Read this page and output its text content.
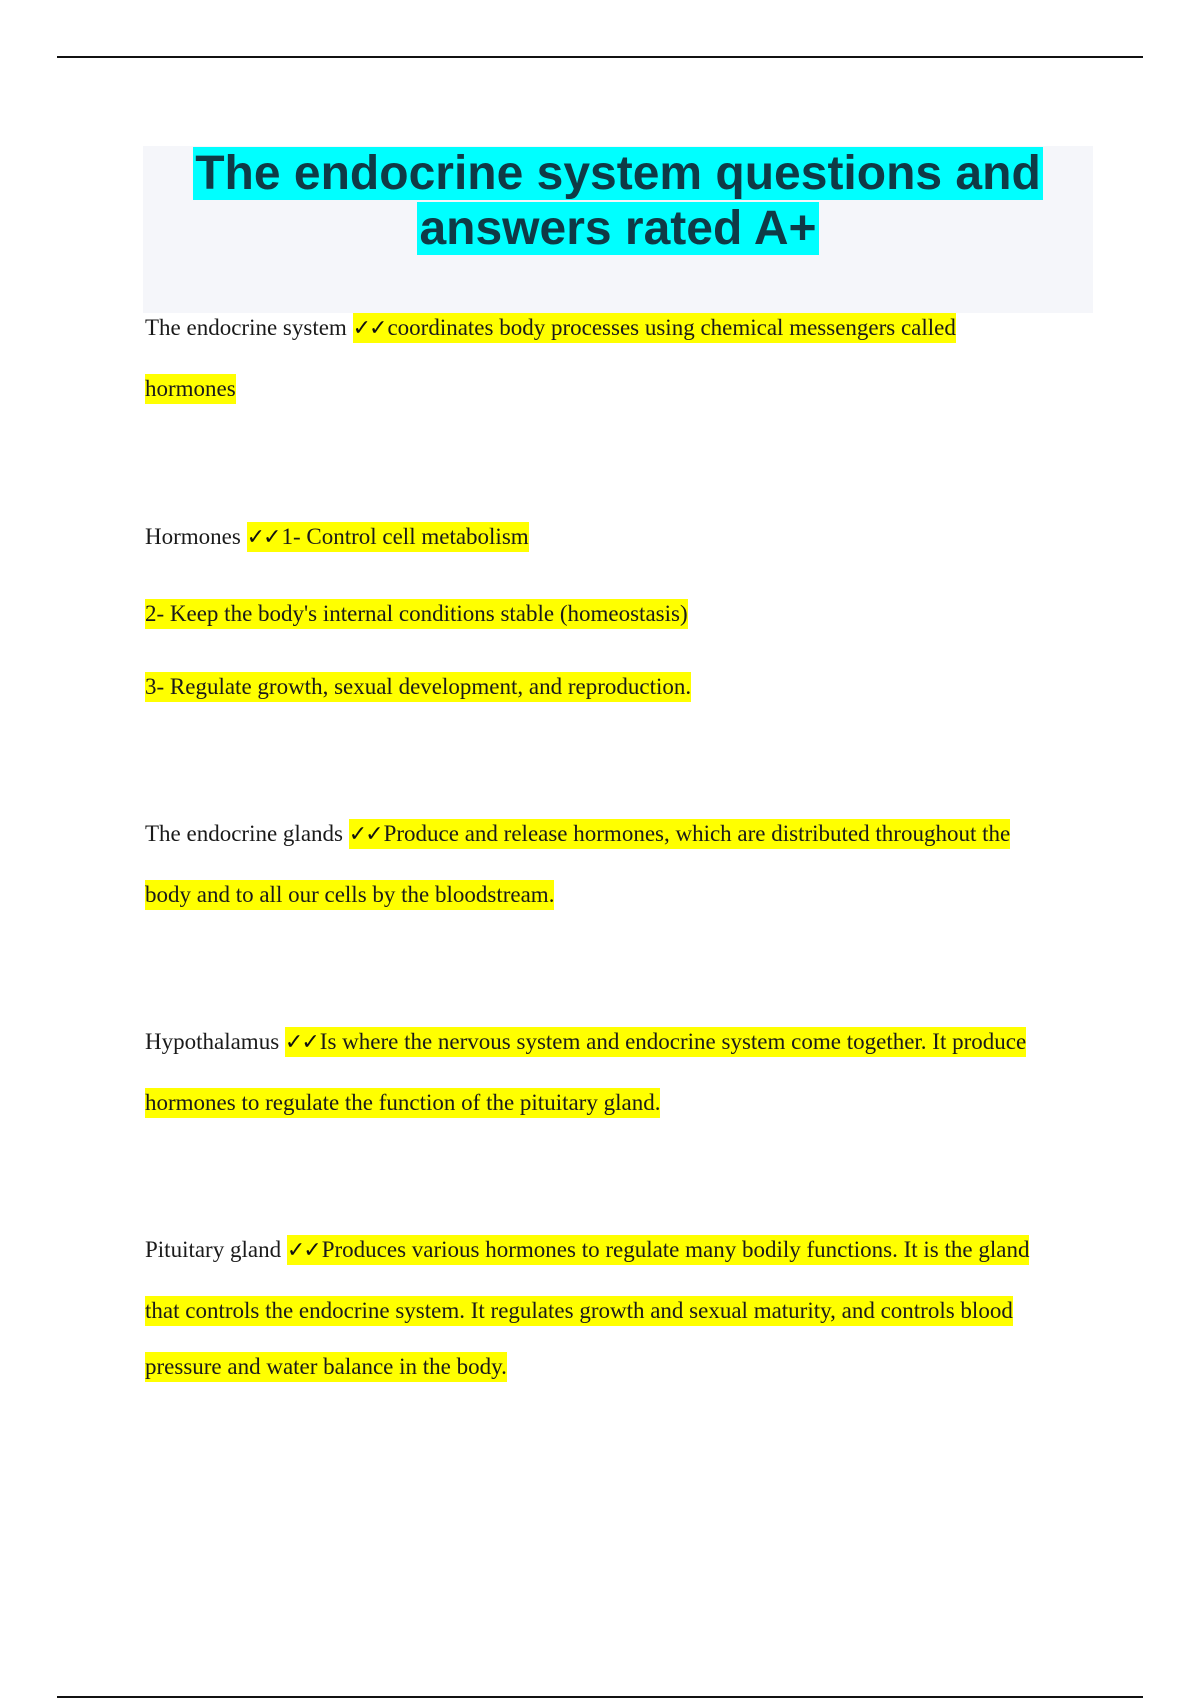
The endocrine system questions and
answers rated A+
The endocrine system ✓✓coordinates body processes using chemical messengers called
hormones
Hormones ✓✓1- Control cell metabolism
2- Keep the body's internal conditions stable (homeostasis)
3- Regulate growth, sexual development, and reproduction.
The endocrine glands ✓✓Produce and release hormones, which are distributed throughout the
body and to all our cells by the bloodstream.
Hypothalamus ✓✓Is where the nervous system and endocrine system come together. It produce
hormones to regulate the function of the pituitary gland.
Pituitary gland ✓✓Produces various hormones to regulate many bodily functions. It is the gland
that controls the endocrine system. It regulates growth and sexual maturity, and controls blood
pressure and water balance in the body.
